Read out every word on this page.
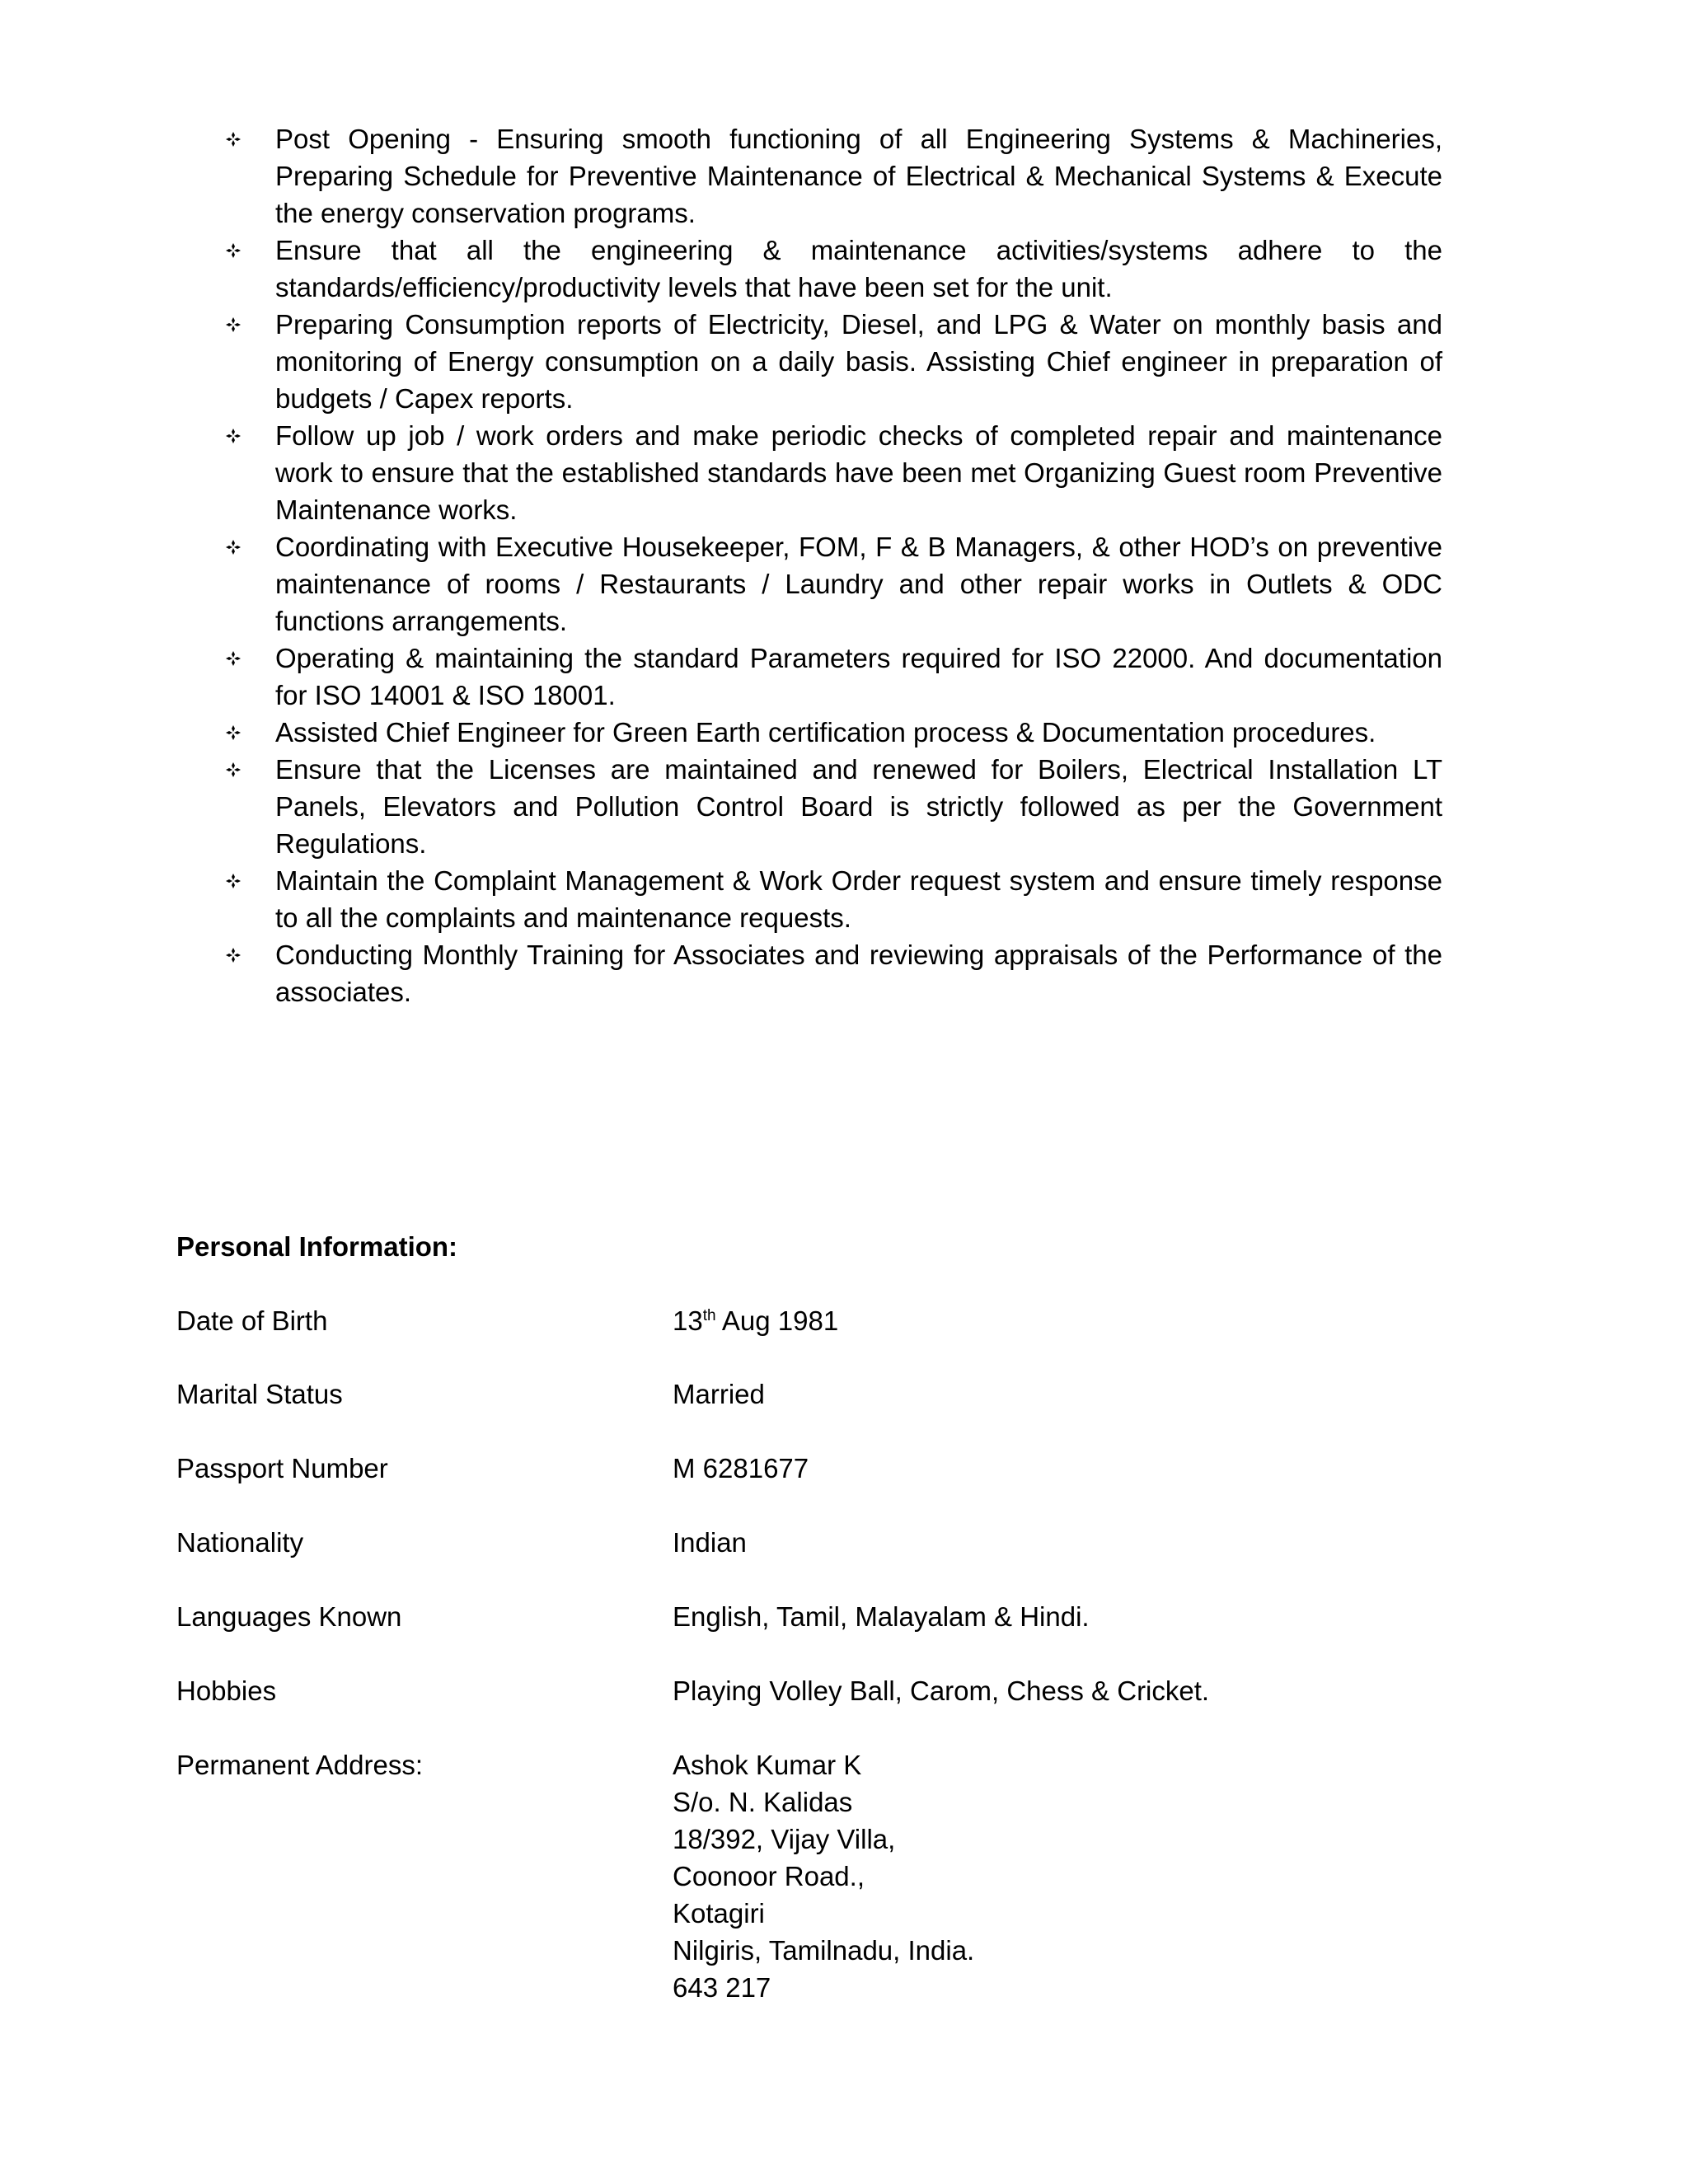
Post Opening - Ensuring smooth functioning of all Engineering Systems & Machineries, Preparing Schedule for Preventive Maintenance of Electrical & Mechanical Systems & Execute the energy conservation programs.
Ensure that all the engineering & maintenance activities/systems adhere to the standards/efficiency/productivity levels that have been set for the unit.
Preparing Consumption reports of Electricity, Diesel, and LPG & Water on monthly basis and monitoring of Energy consumption on a daily basis. Assisting Chief engineer in preparation of budgets / Capex reports.
Follow up job / work orders and make periodic checks of completed repair and maintenance work to ensure that the established standards have been met Organizing Guest room Preventive Maintenance works.
Coordinating with Executive Housekeeper, FOM, F & B Managers, & other HOD’s on preventive maintenance of rooms / Restaurants / Laundry and other repair works in Outlets & ODC functions arrangements.
Operating & maintaining the standard Parameters required for ISO 22000. And documentation for ISO 14001 & ISO 18001.
Assisted Chief Engineer for Green Earth certification process & Documentation procedures.
Ensure that the Licenses are maintained and renewed for Boilers, Electrical Installation LT Panels, Elevators and Pollution Control Board is strictly followed as per the Government Regulations.
Maintain the Complaint Management & Work Order request system and ensure timely response to all the complaints and maintenance requests.
Conducting Monthly Training for Associates and reviewing appraisals of the Performance of the associates.
Personal Information:
Date of Birth	13th Aug 1981
Marital Status	Married
Passport Number	M 6281677
Nationality	Indian
Languages Known	English, Tamil, Malayalam & Hindi.
Hobbies	Playing Volley Ball, Carom, Chess & Cricket.
Permanent Address:	Ashok Kumar K
S/o. N. Kalidas
18/392, Vijay Villa,
Coonoor Road.,
Kotagiri
Nilgiris, Tamilnadu, India.
643 217
